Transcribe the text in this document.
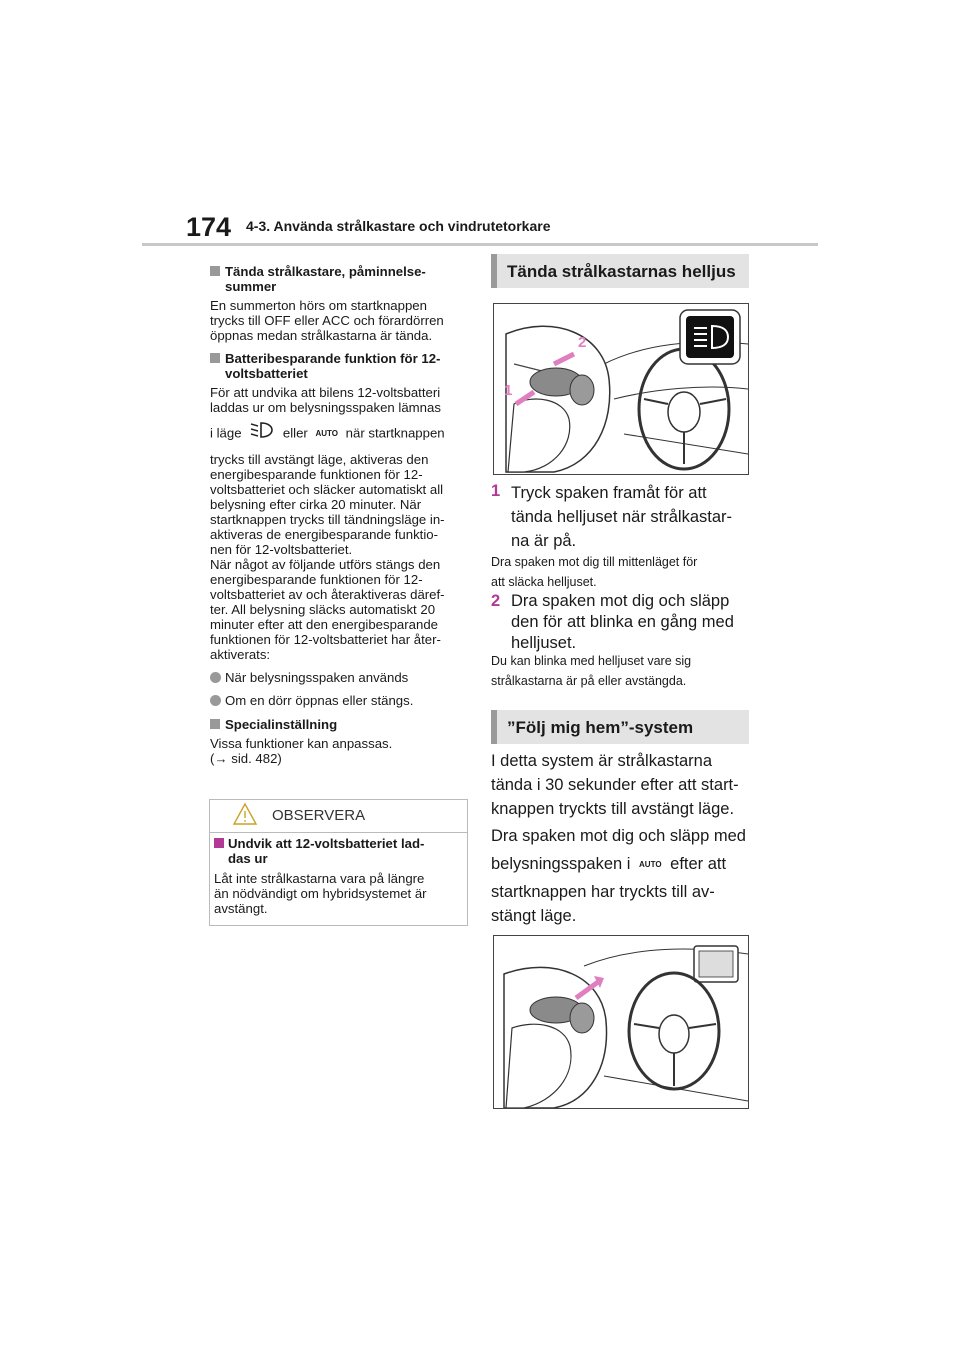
174 4-3. Använda strålkastare och vindrutetorkare
Tända strålkastare, påminnelse-
summer
En summerton hörs om startknappen
trycks till OFF eller ACC och förardörren
öppnas medan strålkastarna är tända.
Batteribesparande funktion för 12-
voltsbatteriet
För att undvika att bilens 12-voltsbatteri
laddas ur om belysningsspaken lämnas
i läge	eller AUTO när startknappen
trycks till avstängt läge, aktiveras den
energibesparande funktionen för 12-
voltsbatteriet och släcker automatiskt all
belysning efter cirka 20 minuter. När
startknappen trycks till tändningsläge in-
aktiveras de energibesparande funktio-
nen för 12-voltsbatteriet.
När något av följande utförs stängs den
energibesparande funktionen för 12-
voltsbatteriet av och återaktiveras däref-
ter. All belysning släcks automatiskt 20
minuter efter att den energibesparande
funktionen för 12-voltsbatteriet har åter-
aktiverats:
När belysningsspaken används
Om en dörr öppnas eller stängs.
Specialinställning
Vissa funktioner kan anpassas.
(→ sid. 482)
OBSERVERA
Undvik att 12-voltsbatteriet lad-
das ur
Låt inte strålkastarna vara på längre
än nödvändigt om hybridsystemet är
avstängt.
Tända strålkastarnas helljus
1
2
1 Tryck spaken framåt för att
tända helljuset när strålkastar-
na är på.
Dra spaken mot dig till mittenläget för
att släcka helljuset.
2 Dra spaken mot dig och släpp
den för att blinka en gång med
helljuset.
Du kan blinka med helljuset vare sig
strålkastarna är på eller avstängda.
”Följ mig hem”-system
I detta system är strålkastarna
tända i 30 sekunder efter att start-
knappen tryckts till avstängt läge.
Dra spaken mot dig och släpp med
belysningsspaken i AUTO efter att
startknappen har tryckts till av-
stängt läge.
